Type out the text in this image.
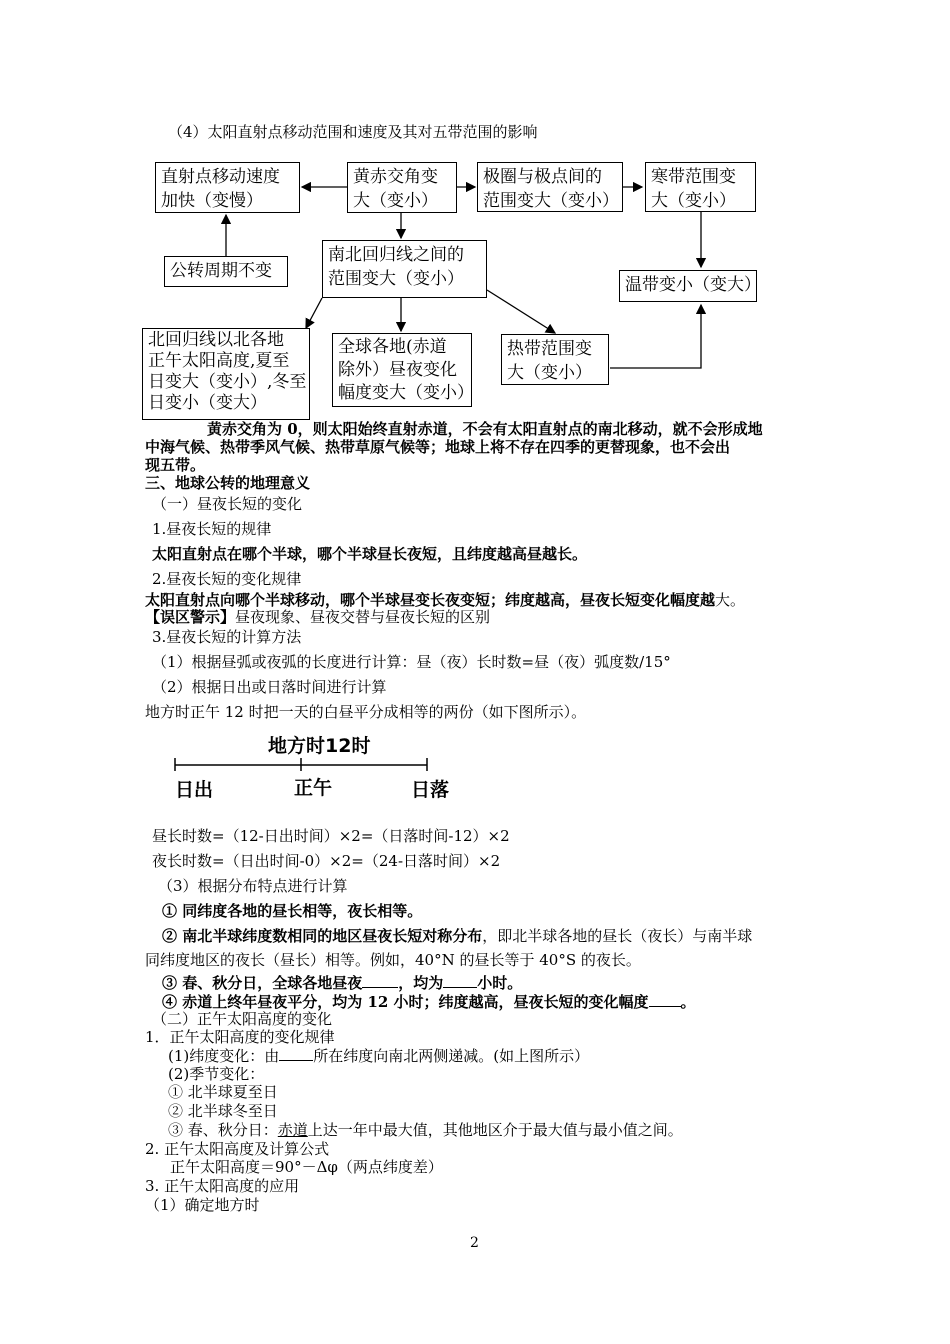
（4）太阳直射点移动范围和速度及其对五带范围的影响
直射点移动速度
加快（变慢）
黄赤交角变
大（变小）
极圈与极点间的
范围变大（变小）
寒带范围变
大（变小）
公转周期不变
南北回归线之间的
范围变大（变小）	温带变小（变大）
北回归线以北各地
正午太阳高度,夏至
日变大（变小）,冬至
日变小（变大）
全球各地(赤道
除外）昼夜变化
幅度变大（变小）
热带范围变
大（变小）
黄赤交角为 0，则太阳始终直射赤道，不会有太阳直射点的南北移动，就不会形成地
中海气候、热带季风气候、热带草原气候等；地球上将不存在四季的更替现象，也不会出
现五带。
三、地球公转的地理意义
（一）昼夜长短的变化
1.昼夜长短的规律
太阳直射点在哪个半球，哪个半球昼长夜短，且纬度越高昼越长。
2.昼夜长短的变化规律
太阳直射点向哪个半球移动，哪个半球昼变长夜变短；纬度越高，昼夜长短变化幅度越大。
【误区警示】昼夜现象、昼夜交替与昼夜长短的区别
3.昼夜长短的计算方法
（1）根据昼弧或夜弧的长度进行计算：昼（夜）长时数=昼（夜）弧度数/15°
（2）根据日出或日落时间进行计算
地方时正午 12 时把一天的白昼平分成相等的两份（如下图所示）。
地方时12时
日出	正午	日落
昼长时数=（12-日出时间）×2=（日落时间-12）×2
夜长时数=（日出时间-0）×2=（24-日落时间）×2
（3）根据分布特点进行计算
① 同纬度各地的昼长相等，夜长相等。
② 南北半球纬度数相同的地区昼夜长短对称分布，即北半球各地的昼长（夜长）与南半球
同纬度地区的夜长（昼长）相等。例如，40°N 的昼长等于 40°S 的夜长。
③ 春、秋分日，全球各地昼夜 ，均为 小时。
④ 赤道上终年昼夜平分，均为 12 小时；纬度越高，昼夜长短的变化幅度 。
（二）正午太阳高度的变化
1．正午太阳高度的变化规律
(1)纬度变化：由 所在纬度向南北两侧递减。(如上图所示）
(2)季节变化：
① 北半球夏至日
② 北半球冬至日
③ 春、秋分日：赤道上达一年中最大值，其他地区介于最大值与最小值之间。
2. 正午太阳高度及计算公式
正午太阳高度＝90°－Δφ（两点纬度差）
3. 正午太阳高度的应用
（1）确定地方时
2
